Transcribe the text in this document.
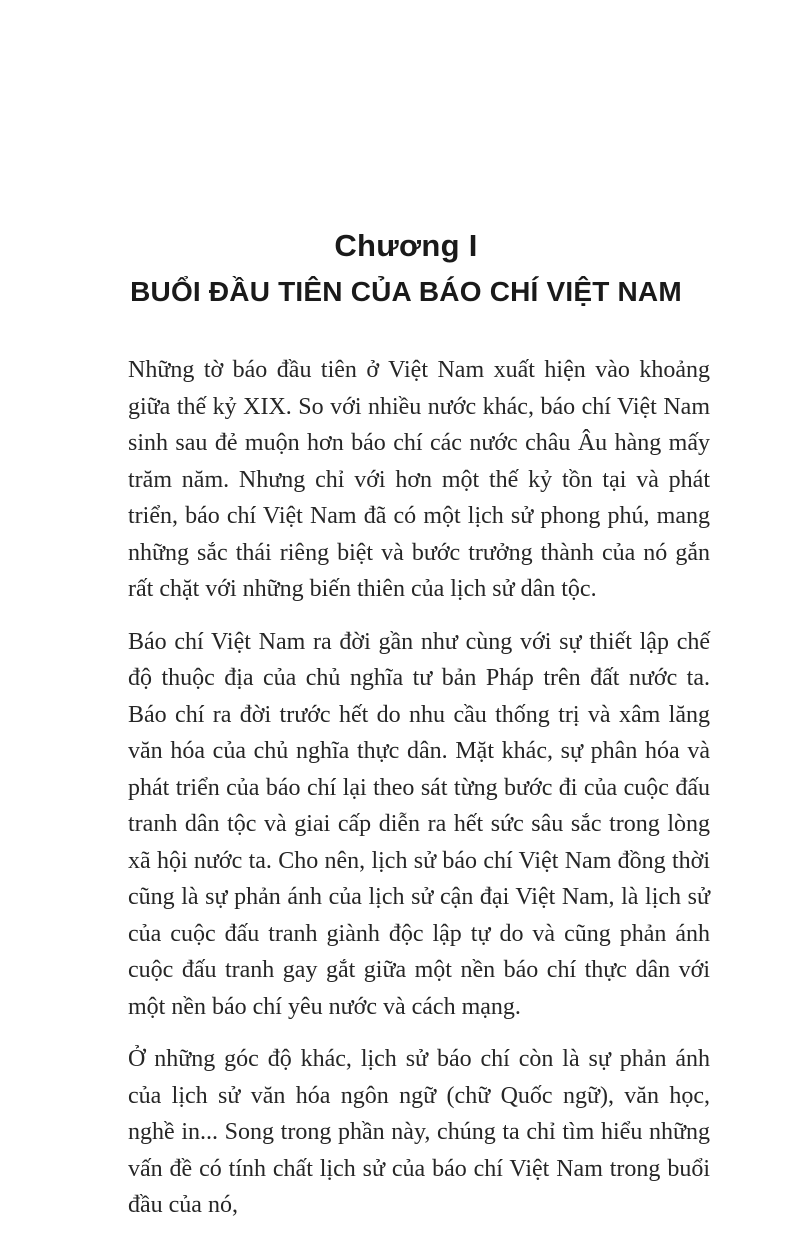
Chương I
BUỔI ĐẦU TIÊN CỦA BÁO CHÍ VIỆT NAM

Những tờ báo đầu tiên ở Việt Nam xuất hiện vào khoảng giữa thế kỷ XIX. So với nhiều nước khác, báo chí Việt Nam sinh sau đẻ muộn hơn báo chí các nước châu Âu hàng mấy trăm năm. Nhưng chỉ với hơn một thế kỷ tồn tại và phát triển, báo chí Việt Nam đã có một lịch sử phong phú, mang những sắc thái riêng biệt và bước trưởng thành của nó gắn rất chặt với những biến thiên của lịch sử dân tộc.

Báo chí Việt Nam ra đời gần như cùng với sự thiết lập chế độ thuộc địa của chủ nghĩa tư bản Pháp trên đất nước ta. Báo chí ra đời trước hết do nhu cầu thống trị và xâm lăng văn hóa của chủ nghĩa thực dân. Mặt khác, sự phân hóa và phát triển của báo chí lại theo sát từng bước đi của cuộc đấu tranh dân tộc và giai cấp diễn ra hết sức sâu sắc trong lòng xã hội nước ta. Cho nên, lịch sử báo chí Việt Nam đồng thời cũng là sự phản ánh của lịch sử cận đại Việt Nam, là lịch sử của cuộc đấu tranh giành độc lập tự do và cũng phản ánh cuộc đấu tranh gay gắt giữa một nền báo chí thực dân với một nền báo chí yêu nước và cách mạng.

Ở những góc độ khác, lịch sử báo chí còn là sự phản ánh của lịch sử văn hóa ngôn ngữ (chữ Quốc ngữ), văn học, nghề in... Song trong phần này, chúng ta chỉ tìm hiểu những vấn đề có tính chất lịch sử của báo chí Việt Nam trong buổi đầu của nó,
